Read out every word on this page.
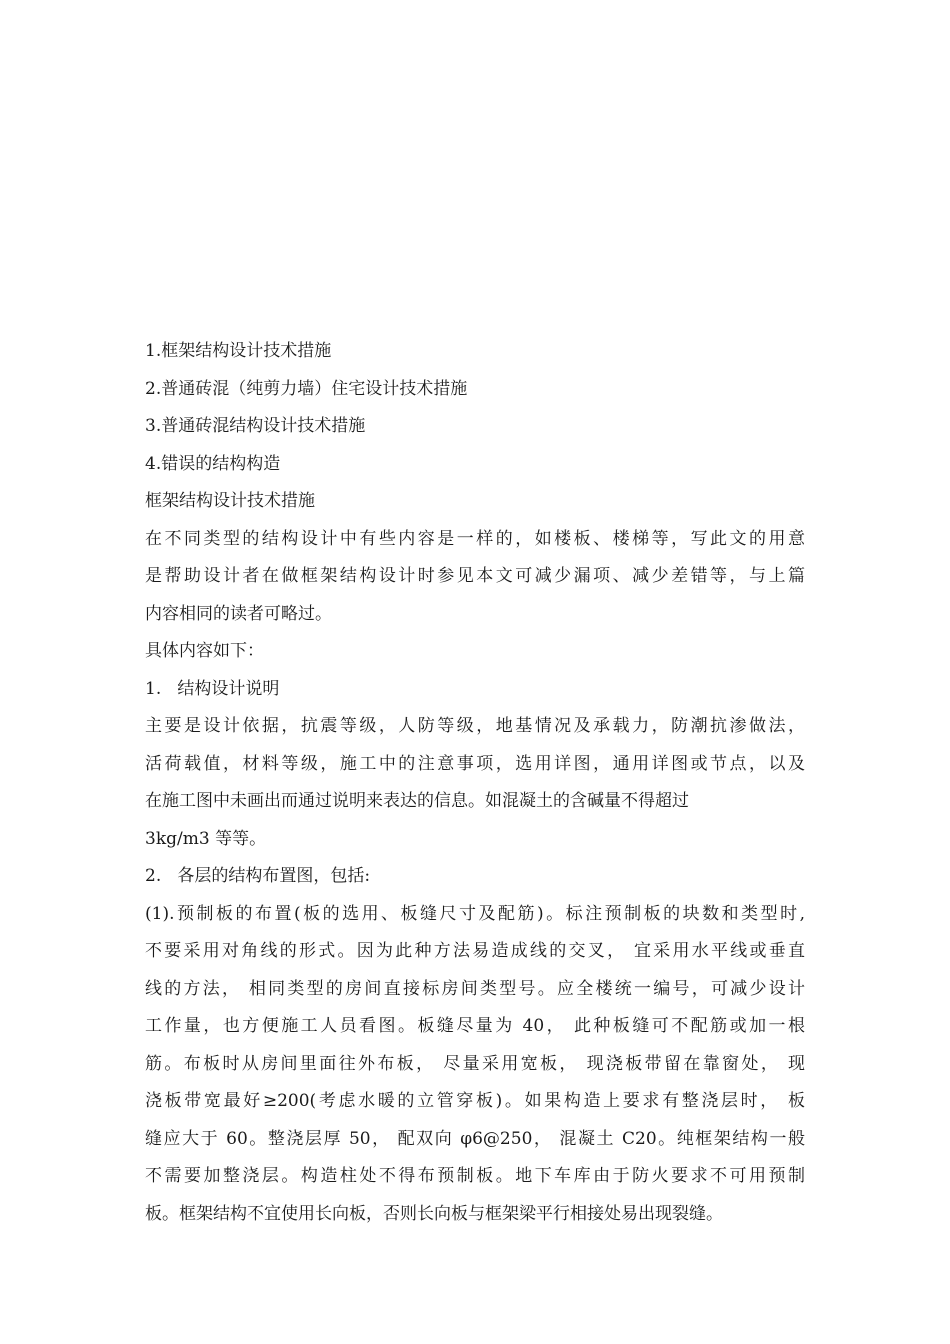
1.框架结构设计技术措施
2.普通砖混（纯剪力墙）住宅设计技术措施
3.普通砖混结构设计技术措施
4.错误的结构构造
框架结构设计技术措施
在不同类型的结构设计中有些内容是一样的，如楼板、楼梯等，写此文的用意
是帮助设计者在做框架结构设计时参见本文可减少漏项、减少差错等，与上篇
内容相同的读者可略过。
具体内容如下：
1.   结构设计说明
主要是设计依据，抗震等级，人防等级，地基情况及承载力，防潮抗渗做法，
活荷载值，材料等级，施工中的注意事项，选用详图，通用详图或节点，以及
在施工图中未画出而通过说明来表达的信息。如混凝土的含碱量不得超过
3kg/m3 等等。
2.   各层的结构布置图，包括:
(1).预制板的布置(板的选用、板缝尺寸及配筋)。标注预制板的块数和类型时,
不要采用对角线的形式。因为此种方法易造成线的交叉， 宜采用水平线或垂直
线的方法， 相同类型的房间直接标房间类型号。应全楼统一编号，可减少设计
工作量，也方便施工人员看图。板缝尽量为 40， 此种板缝可不配筋或加一根
筋。布板时从房间里面往外布板， 尽量采用宽板， 现浇板带留在靠窗处， 现
浇板带宽最好≥200(考虑水暖的立管穿板)。如果构造上要求有整浇层时， 板
缝应大于 60。整浇层厚 50， 配双向 φ6@250， 混凝土 C20。纯框架结构一般
不需要加整浇层。构造柱处不得布预制板。地下车库由于防火要求不可用预制
板。框架结构不宜使用长向板，否则长向板与框架梁平行相接处易出现裂缝。
